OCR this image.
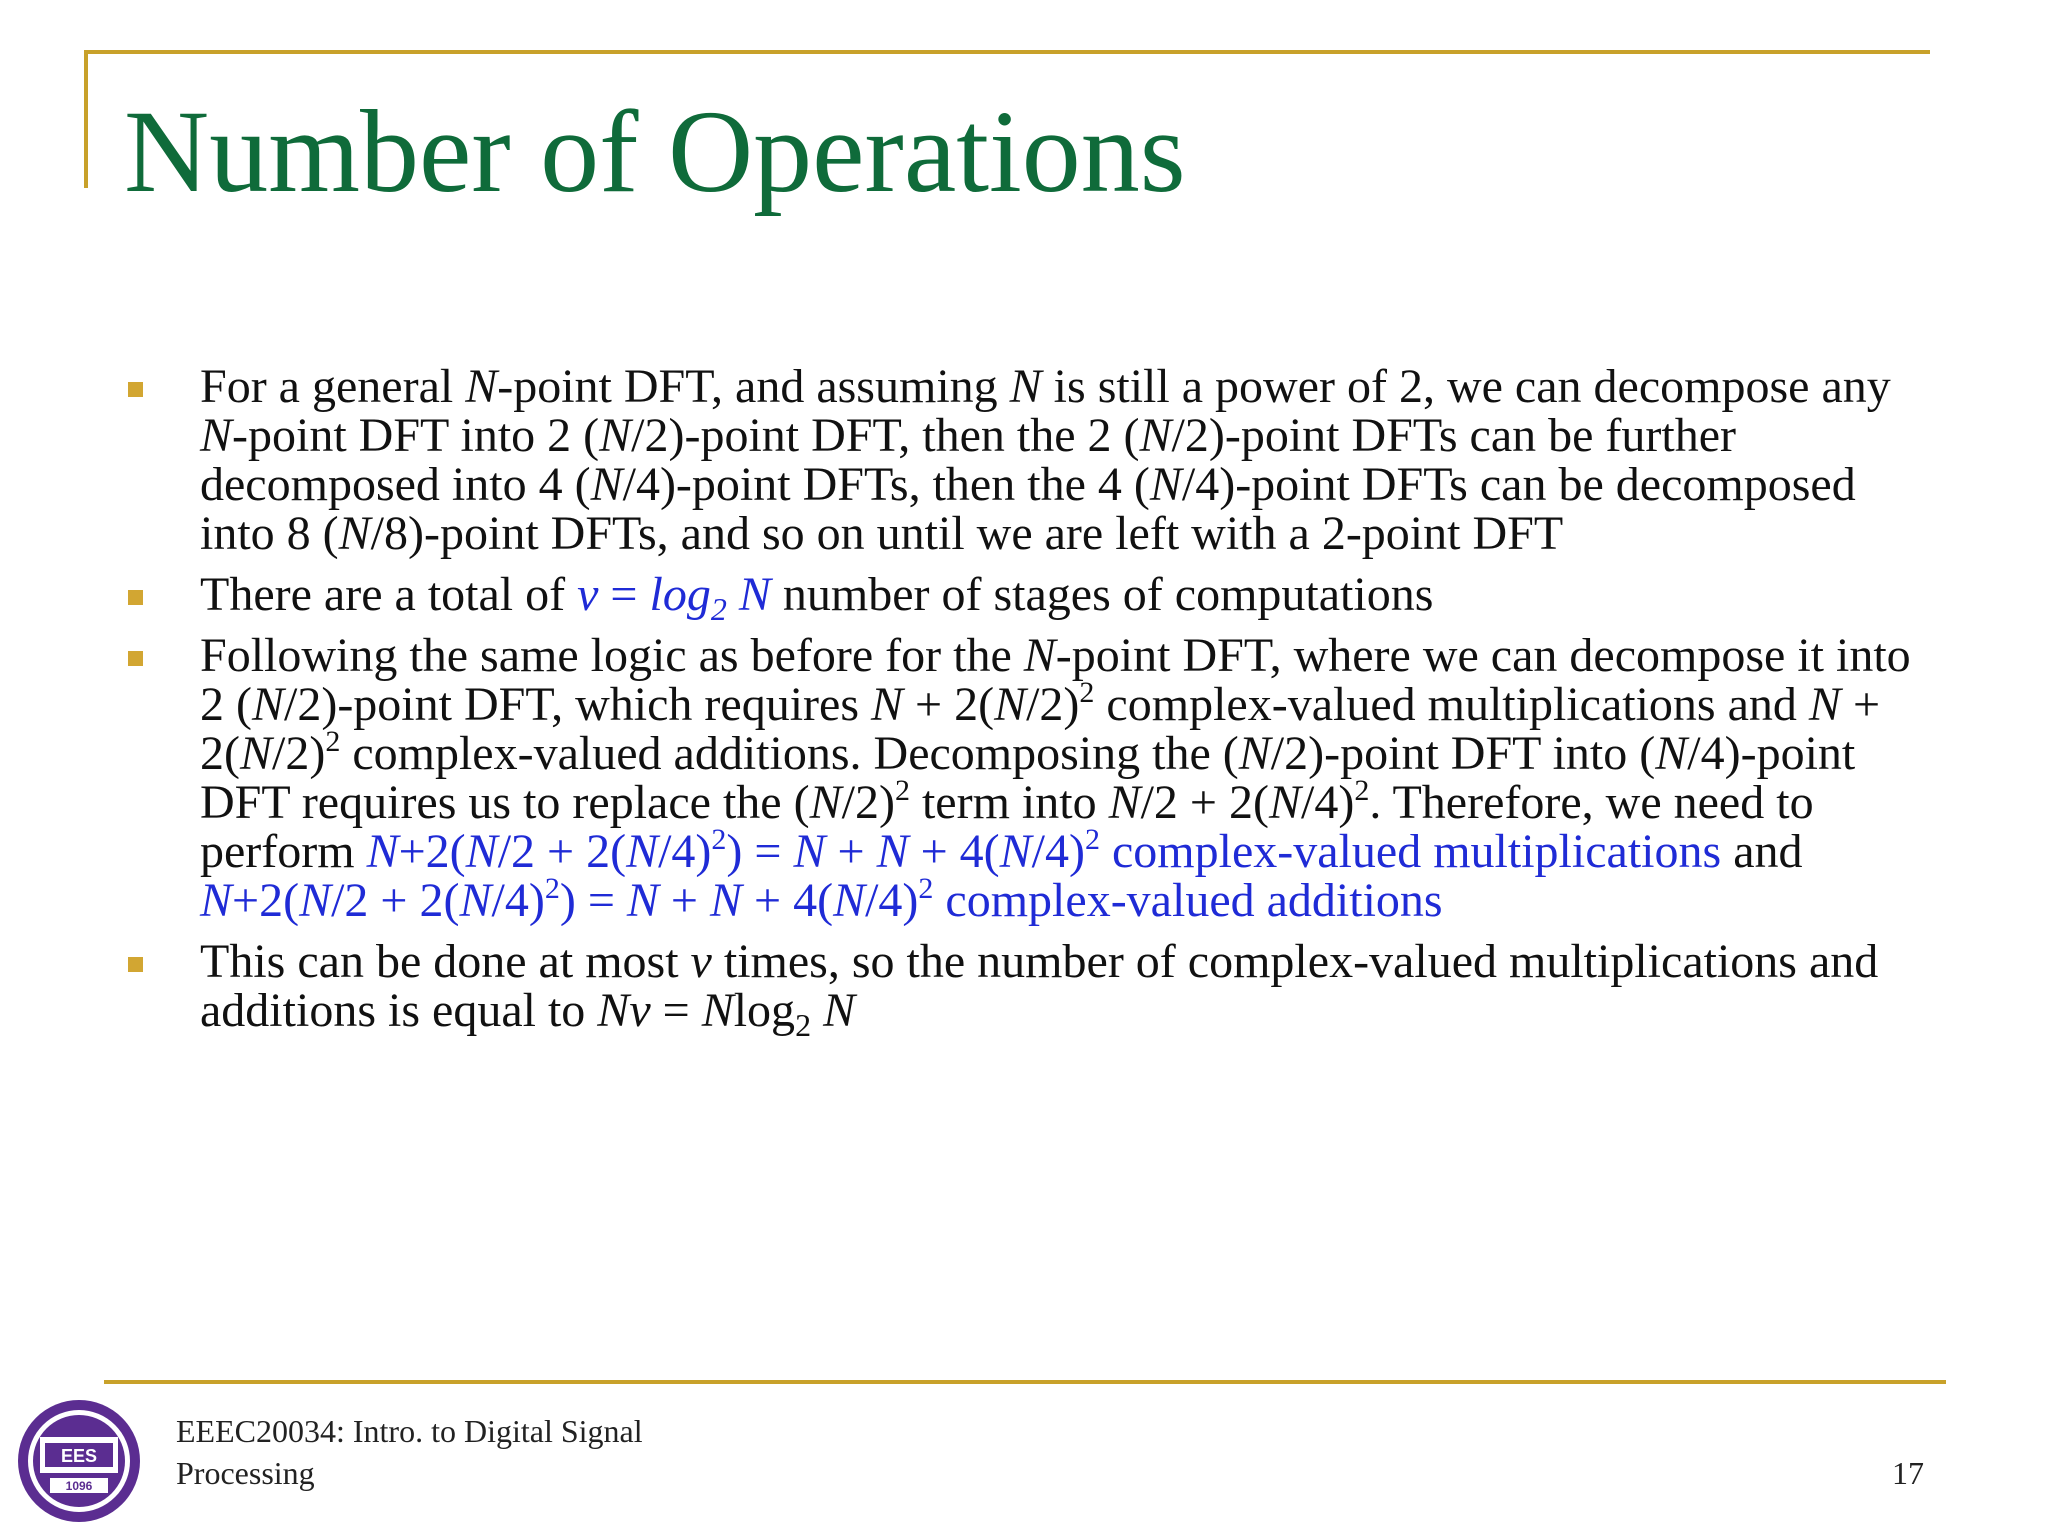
Number of Operations
For a general N-point DFT, and assuming N is still a power of 2, we can decompose any N-point DFT into 2 (N/2)-point DFT, then the 2 (N/2)-point DFTs can be further decomposed into 4 (N/4)-point DFTs, then the 4 (N/4)-point DFTs can be decomposed into 8 (N/8)-point DFTs, and so on until we are left with a 2-point DFT
There are a total of $v = \log_2 N$ number of stages of computations
Following the same logic as before for the N-point DFT, where we can decompose it into 2 (N/2)-point DFT, which requires $N + 2(N/2)^2$ complex-valued multiplications and $N + 2(N/2)^2$ complex-valued additions. Decomposing the (N/2)-point DFT into (N/4)-point DFT requires us to replace the $(N/2)^2$ term into $N/2 + 2(N/4)^2$. Therefore, we need to perform $N+2(N/2 + 2(N/4)^2) = N + N + 4(N/4)^2$ complex-valued multiplications and $N+2(N/2 + 2(N/4)^2) = N + N + 4(N/4)^2$ complex-valued additions
This can be done at most v times, so the number of complex-valued multiplications and additions is equal to Nv = Nlog$_2$ N
EES
1096
EEEC20034: Intro. to Digital Signal Processing	17
